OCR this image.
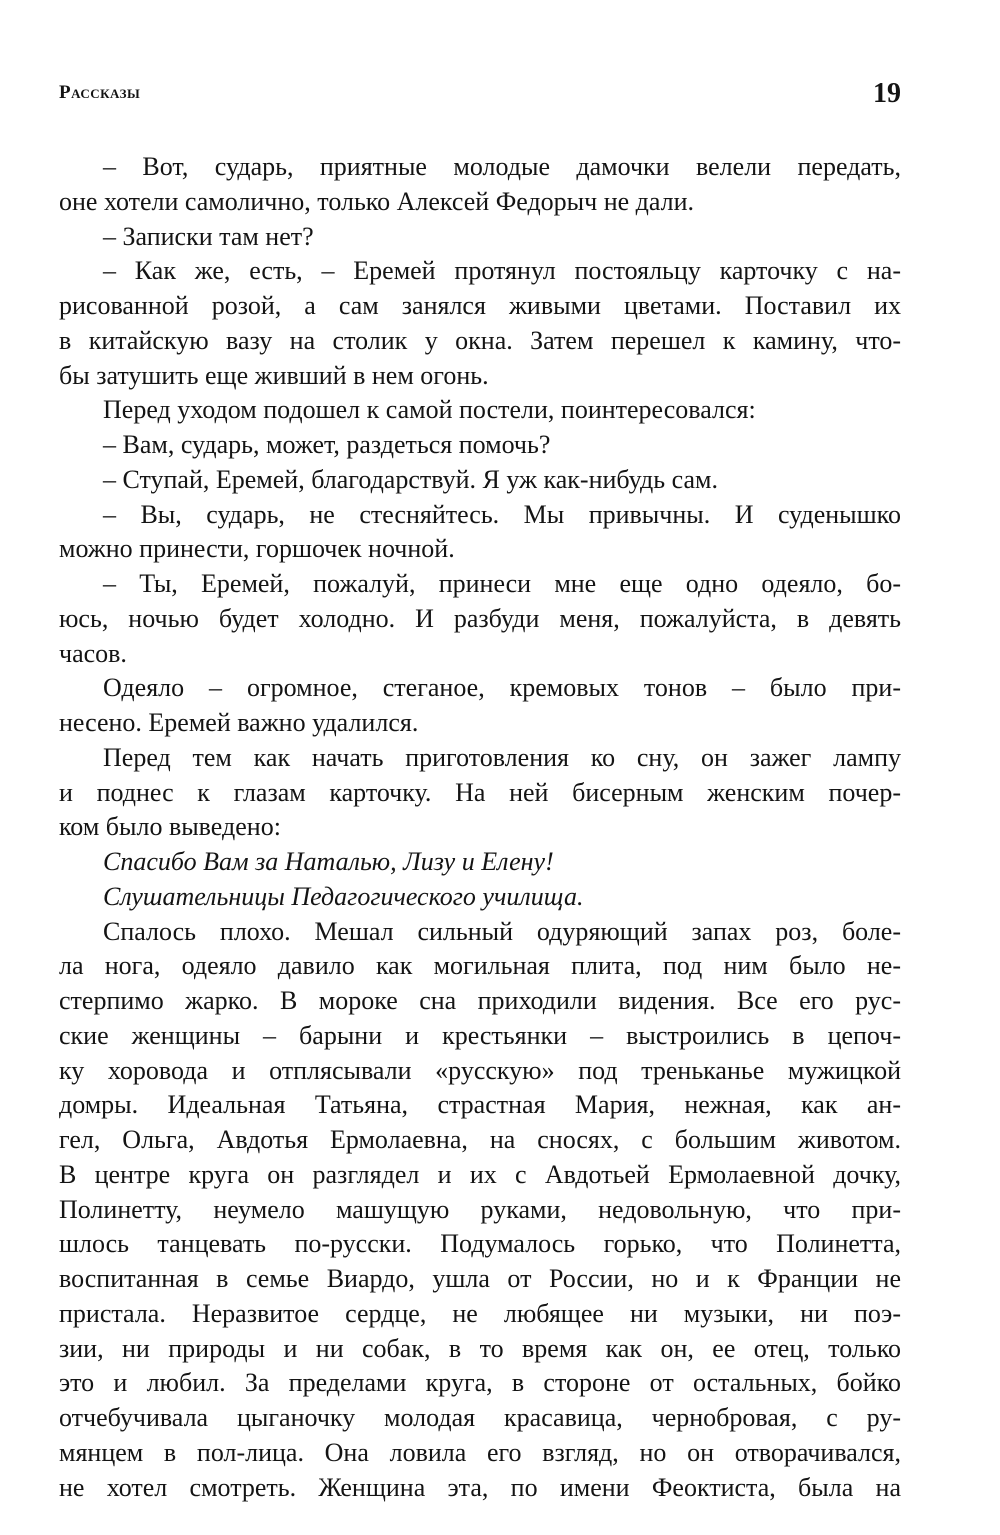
Рассказы	19
– Вот, сударь, приятные молодые дамочки велели передать,
оне хотели самолично, только Алексей Федорыч не дали.
– Записки там нет?
– Как же, есть, – Еремей протянул постояльцу карточку с на-
рисованной розой, а сам занялся живыми цветами. Поставил их
в китайскую вазу на столик у окна. Затем перешел к камину, что-
бы затушить еще живший в нем огонь.
Перед уходом подошел к самой постели, поинтересовался:
– Вам, сударь, может, раздеться помочь?
– Ступай, Еремей, благодарствуй. Я уж как-нибудь сам.
– Вы, сударь, не стесняйтесь. Мы привычны. И суденышко
можно принести, горшочек ночной.
– Ты, Еремей, пожалуй, принеси мне еще одно одеяло, бо-
юсь, ночью будет холодно. И разбуди меня, пожалуйста, в девять
часов.
Одеяло – огромное, стеганое, кремовых тонов – было при-
несено. Еремей важно удалился.
Перед тем как начать приготовления ко сну, он зажег лампу
и поднес к глазам карточку. На ней бисерным женским почер-
ком было выведено:
Спасибо Вам за Наталью, Лизу и Елену!
Слушательницы Педагогического училища.
Спалось плохо. Мешал сильный одуряющий запах роз, боле-
ла нога, одеяло давило как могильная плита, под ним было не-
стерпимо жарко. В мороке сна приходили видения. Все его рус-
ские женщины – барыни и крестьянки – выстроились в цепоч-
ку хоровода и отплясывали «русскую» под треньканье мужицкой
домры. Идеальная Татьяна, страстная Мария, нежная, как ан-
гел, Ольга, Авдотья Ермолаевна, на сносях, с большим животом.
В центре круга он разглядел и их с Авдотьей Ермолаевной дочку,
Полинетту, неумело машущую руками, недовольную, что при-
шлось танцевать по-русски. Подумалось горько, что Полинетта,
воспитанная в семье Виардо, ушла от России, но и к Франции не
пристала. Неразвитое сердце, не любящее ни музыки, ни поэ-
зии, ни природы и ни собак, в то время как он, ее отец, только
это и любил. За пределами круга, в стороне от остальных, бойко
отчебучивала цыганочку молодая красавица, чернобровая, с ру-
мянцем в пол-лица. Она ловила его взгляд, но он отворачивался,
не хотел смотреть. Женщина эта, по имени Феоктиста, была на
